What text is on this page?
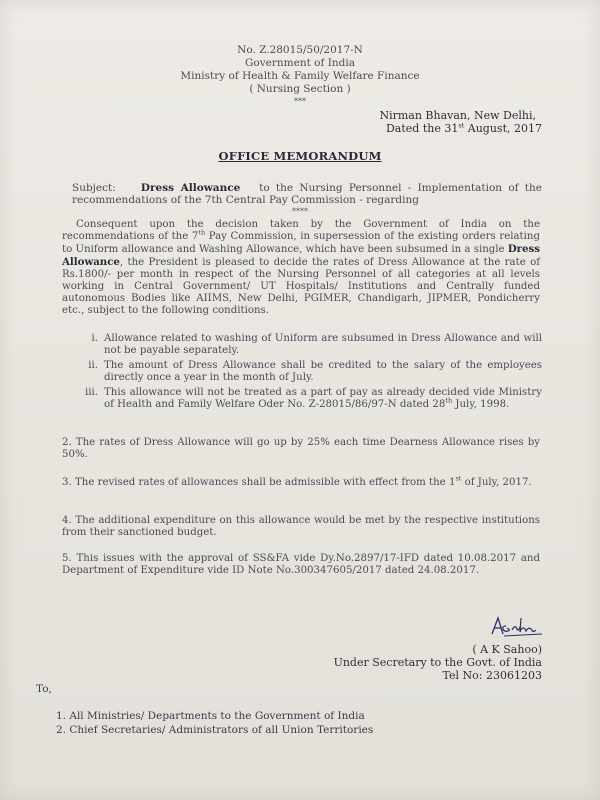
No. Z.28015/50/2017-N
Government of India
Ministry of Health & Family Welfare Finance
( Nursing Section )
***
Nirman Bhavan, New Delhi,
Dated the 31st August, 2017
OFFICE MEMORANDUM
Subject: Dress Allowance to the Nursing Personnel - Implementation of the recommendations of the 7th Central Pay Commission - regarding
****
Consequent upon the decision taken by the Government of India on the recommendations of the 7th Pay Commission, in supersession of the existing orders relating to Uniform allowance and Washing Allowance, which have been subsumed in a single Dress Allowance, the President is pleased to decide the rates of Dress Allowance at the rate of Rs.1800/- per month in respect of the Nursing Personnel of all categories at all levels working in Central Government/ UT Hospitals/ Institutions and Centrally funded autonomous Bodies like AIIMS, New Delhi, PGIMER, Chandigarh, JIPMER, Pondicherry etc., subject to the following conditions.
i. Allowance related to washing of Uniform are subsumed in Dress Allowance and will not be payable separately.
ii. The amount of Dress Allowance shall be credited to the salary of the employees directly once a year in the month of July.
iii. This allowance will not be treated as a part of pay as already decided vide Ministry of Health and Family Welfare Oder No. Z-28015/86/97-N dated 28th July, 1998.
2. The rates of Dress Allowance will go up by 25% each time Dearness Allowance rises by 50%.
3. The revised rates of allowances shall be admissible with effect from the 1st of July, 2017.
4. The additional expenditure on this allowance would be met by the respective institutions from their sanctioned budget.
5. This issues with the approval of SS&FA vide Dy.No.2897/17-IFD dated 10.08.2017 and Department of Expenditure vide ID Note No.300347605/2017 dated 24.08.2017.
( A K Sahoo)
Under Secretary to the Govt. of India
Tel No: 23061203
To,
1. All Ministries/ Departments to the Government of India
2. Chief Secretaries/ Administrators of all Union Territories
